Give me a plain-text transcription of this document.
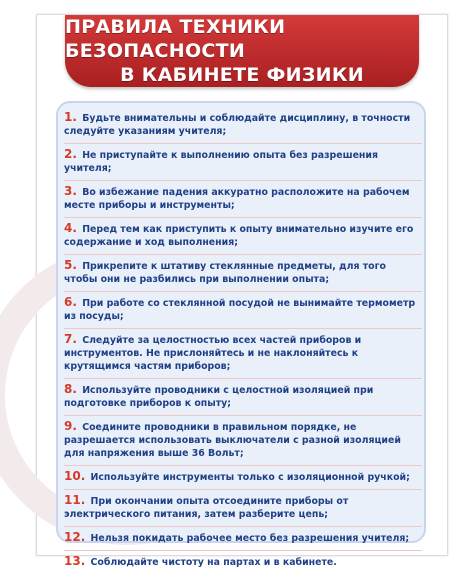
ПРАВИЛА ТЕХНИКИ БЕЗОПАСНОСТИ
В КАБИНЕТЕ ФИЗИКИ
1. Будьте внимательны и соблюдайте дисциплину, в точности следуйте указаниям учителя;
2. Не приступайте к выполнению опыта без разрешения учителя;
3. Во избежание падения аккуратно расположите на рабочем месте приборы и инструменты;
4. Перед тем как приступить к опыту внимательно изучите его содержание и ход выполнения;
5. Прикрепите к штативу стеклянные предметы, для того чтобы они не разбились при выполнении опыта;
6. При работе со стеклянной посудой не вынимайте термометр из посуды;
7. Следуйте за целостностью всех частей приборов и инструментов. Не прислоняйтесь и не наклоняйтесь к крутящимся частям приборов;
8. Используйте проводники с целостной изоляцией при подготовке приборов к опыту;
9. Соедините проводники в правильном порядке, не разрешается использовать выключатели с разной изоляцией для напряжения выше 36 Вольт;
10. Используйте инструменты только с изоляционной ручкой;
11. При окончании опыта отсоедините приборы от электрического питания, затем разберите цепь;
12. Нельзя покидать рабочее место без разрешения учителя;
13. Соблюдайте чистоту на партах и в кабинете.
